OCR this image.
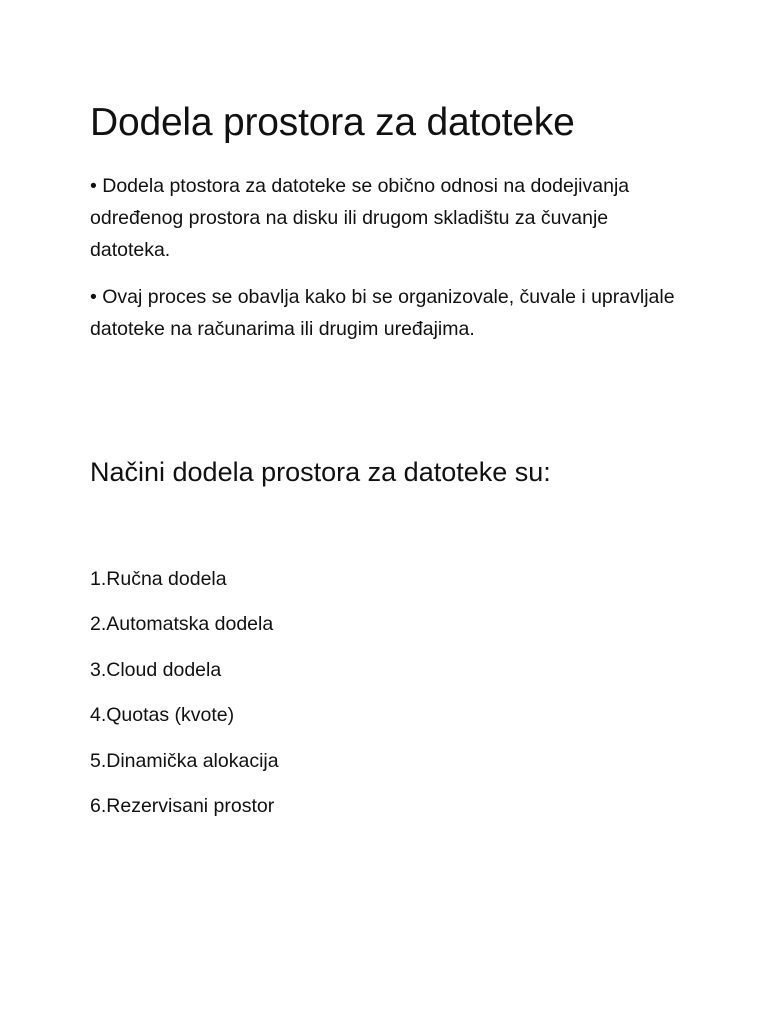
Dodela prostora za datoteke
• Dodela ptostora za datoteke se obično odnosi na dodejivanja određenog prostora na disku ili drugom skladištu za čuvanje datoteka.
• Ovaj proces se obavlja kako bi se organizovale, čuvale i upravljale datoteke na računarima ili drugim uređajima.
Načini dodela prostora za datoteke su:
1.Ručna dodela
2.Automatska dodela
3.Cloud dodela
4.Quotas (kvote)
5.Dinamička alokacija
6.Rezervisani prostor
